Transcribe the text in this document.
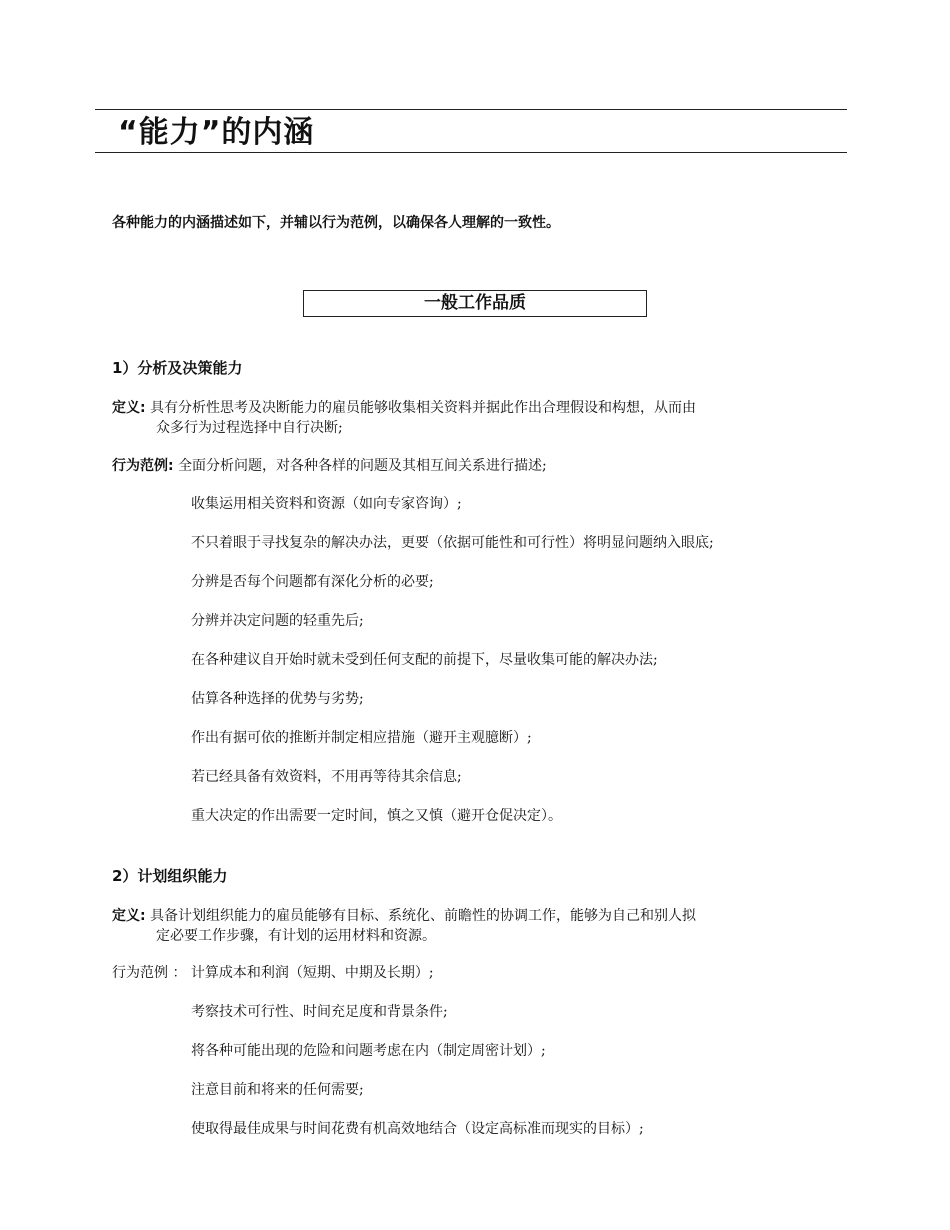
“能力”的内涵
各种能力的内涵描述如下，并辅以行为范例，以确保各人理解的一致性。
一般工作品质
1）分析及决策能力
定义: 具有分析性思考及决断能力的雇员能够收集相关资料并据此作出合理假设和构想，从而由
众多行为过程选择中自行决断;
行为范例: 全面分析问题，对各种各样的问题及其相互间关系进行描述;
收集运用相关资料和资源（如向专家咨询）;
不只着眼于寻找复杂的解决办法，更要（依据可能性和可行性）将明显问题纳入眼底;
分辨是否每个问题都有深化分析的必要;
分辨并决定问题的轻重先后;
在各种建议自开始时就未受到任何支配的前提下，尽量收集可能的解决办法;
估算各种选择的优势与劣势;
作出有据可依的推断并制定相应措施（避开主观臆断）;
若已经具备有效资料，不用再等待其余信息;
重大决定的作出需要一定时间，慎之又慎（避开仓促决定）。
2）计划组织能力
定义: 具备计划组织能力的雇员能够有目标、系统化、前瞻性的协调工作，能够为自己和别人拟
定必要工作步骤，有计划的运用材料和资源。
行为范例 ： 计算成本和利润（短期、中期及长期）;
考察技术可行性、时间充足度和背景条件;
将各种可能出现的危险和问题考虑在内（制定周密计划）;
注意目前和将来的任何需要;
使取得最佳成果与时间花费有机高效地结合（设定高标准而现实的目标）;
